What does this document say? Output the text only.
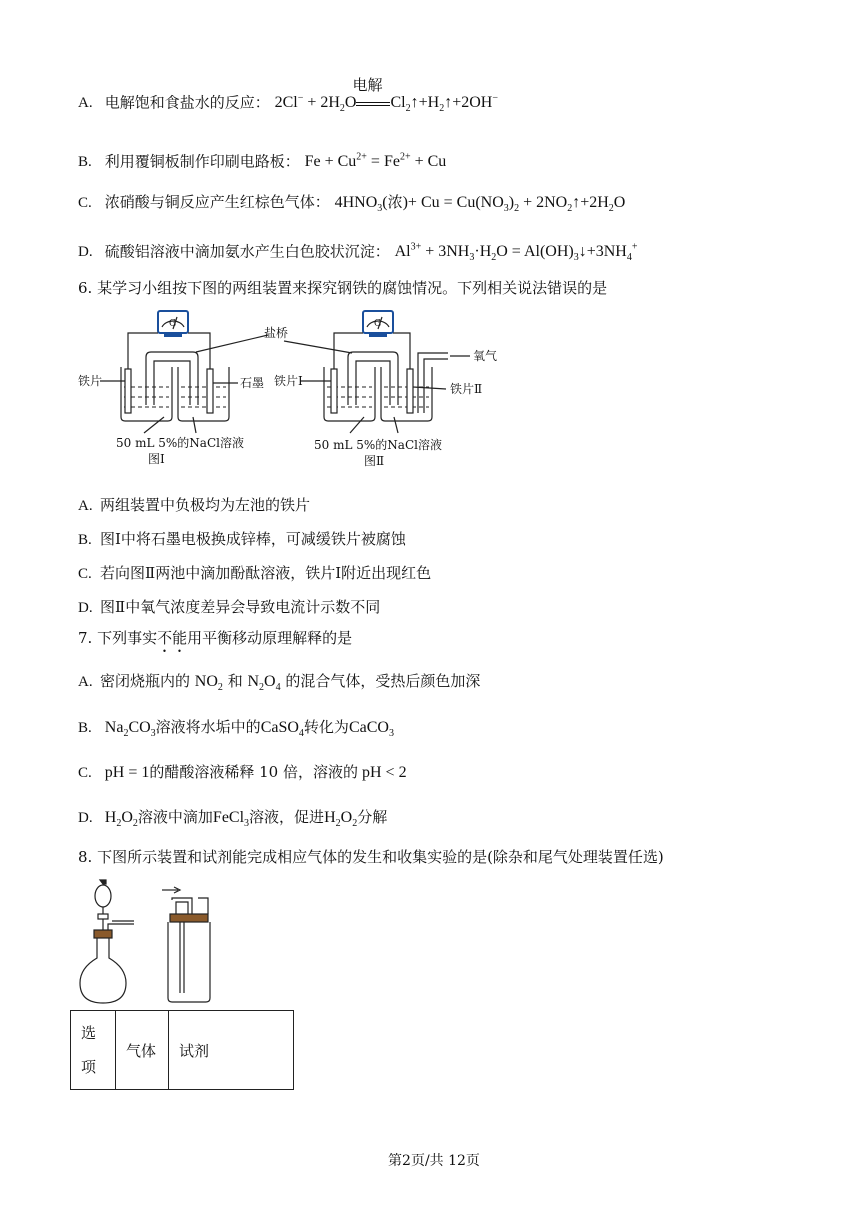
A. 电解饱和食盐水的反应： $2Cl^- + 2H_2O$
电解
$Cl_2↑+H_2↑+2OH^-$
B. 利用覆铜板制作印刷电路板： $Fe + Cu^{2+} = Fe^{2+} + Cu$
C. 浓硝酸与铜反应产生红棕色气体： $4HNO_3$(浓)+ $Cu = Cu(NO_3)_2$ + $2NO_2↑+2H_2O$
D. 硫酸铝溶液中滴加氨水产生白色胶状沉淀： $Al^{3+} + 3NH_3\cdot H_2O$ = $Al(OH)_3↓+3NH_4^+$
6. 某学习小组按下图的两组装置来探究钢铁的腐蚀情况。下列相关说法错误的是
G	G
盐桥
铁片	石墨
50 mL 5%的NaCl溶液
图Ⅰ
铁片Ⅰ
氧气
铁片Ⅱ
50 mL 5%的NaCl溶液
图Ⅱ
A. 两组装置中负极均为左池的铁片
B. 图Ⅰ中将石墨电极换成锌棒，可减缓铁片被腐蚀
C. 若向图Ⅱ两池中滴加酚酞溶液，铁片Ⅰ附近出现红色
D. 图Ⅱ中氧气浓度差异会导致电流计示数不同
7. 下列事实不能用平衡移动原理解释的是
A. 密闭烧瓶内的 $NO_2$ 和 $N_2O_4$ 的混合气体，受热后颜色加深
B. $Na_2CO_3$溶液将水垢中的CaSO$_4$转化为CaCO$_3$
C. pH = 1的醋酸溶液稀释 10 倍，溶液的 pH < 2
D. $H_2O_2$溶液中滴加FeCl$_3$溶液，促进$H_2O_2$分解
8. 下图所示装置和试剂能完成相应气体的发生和收集实验的是(除杂和尾气处理装置任选)
选项	气体	试剂
第2页/共 12页
